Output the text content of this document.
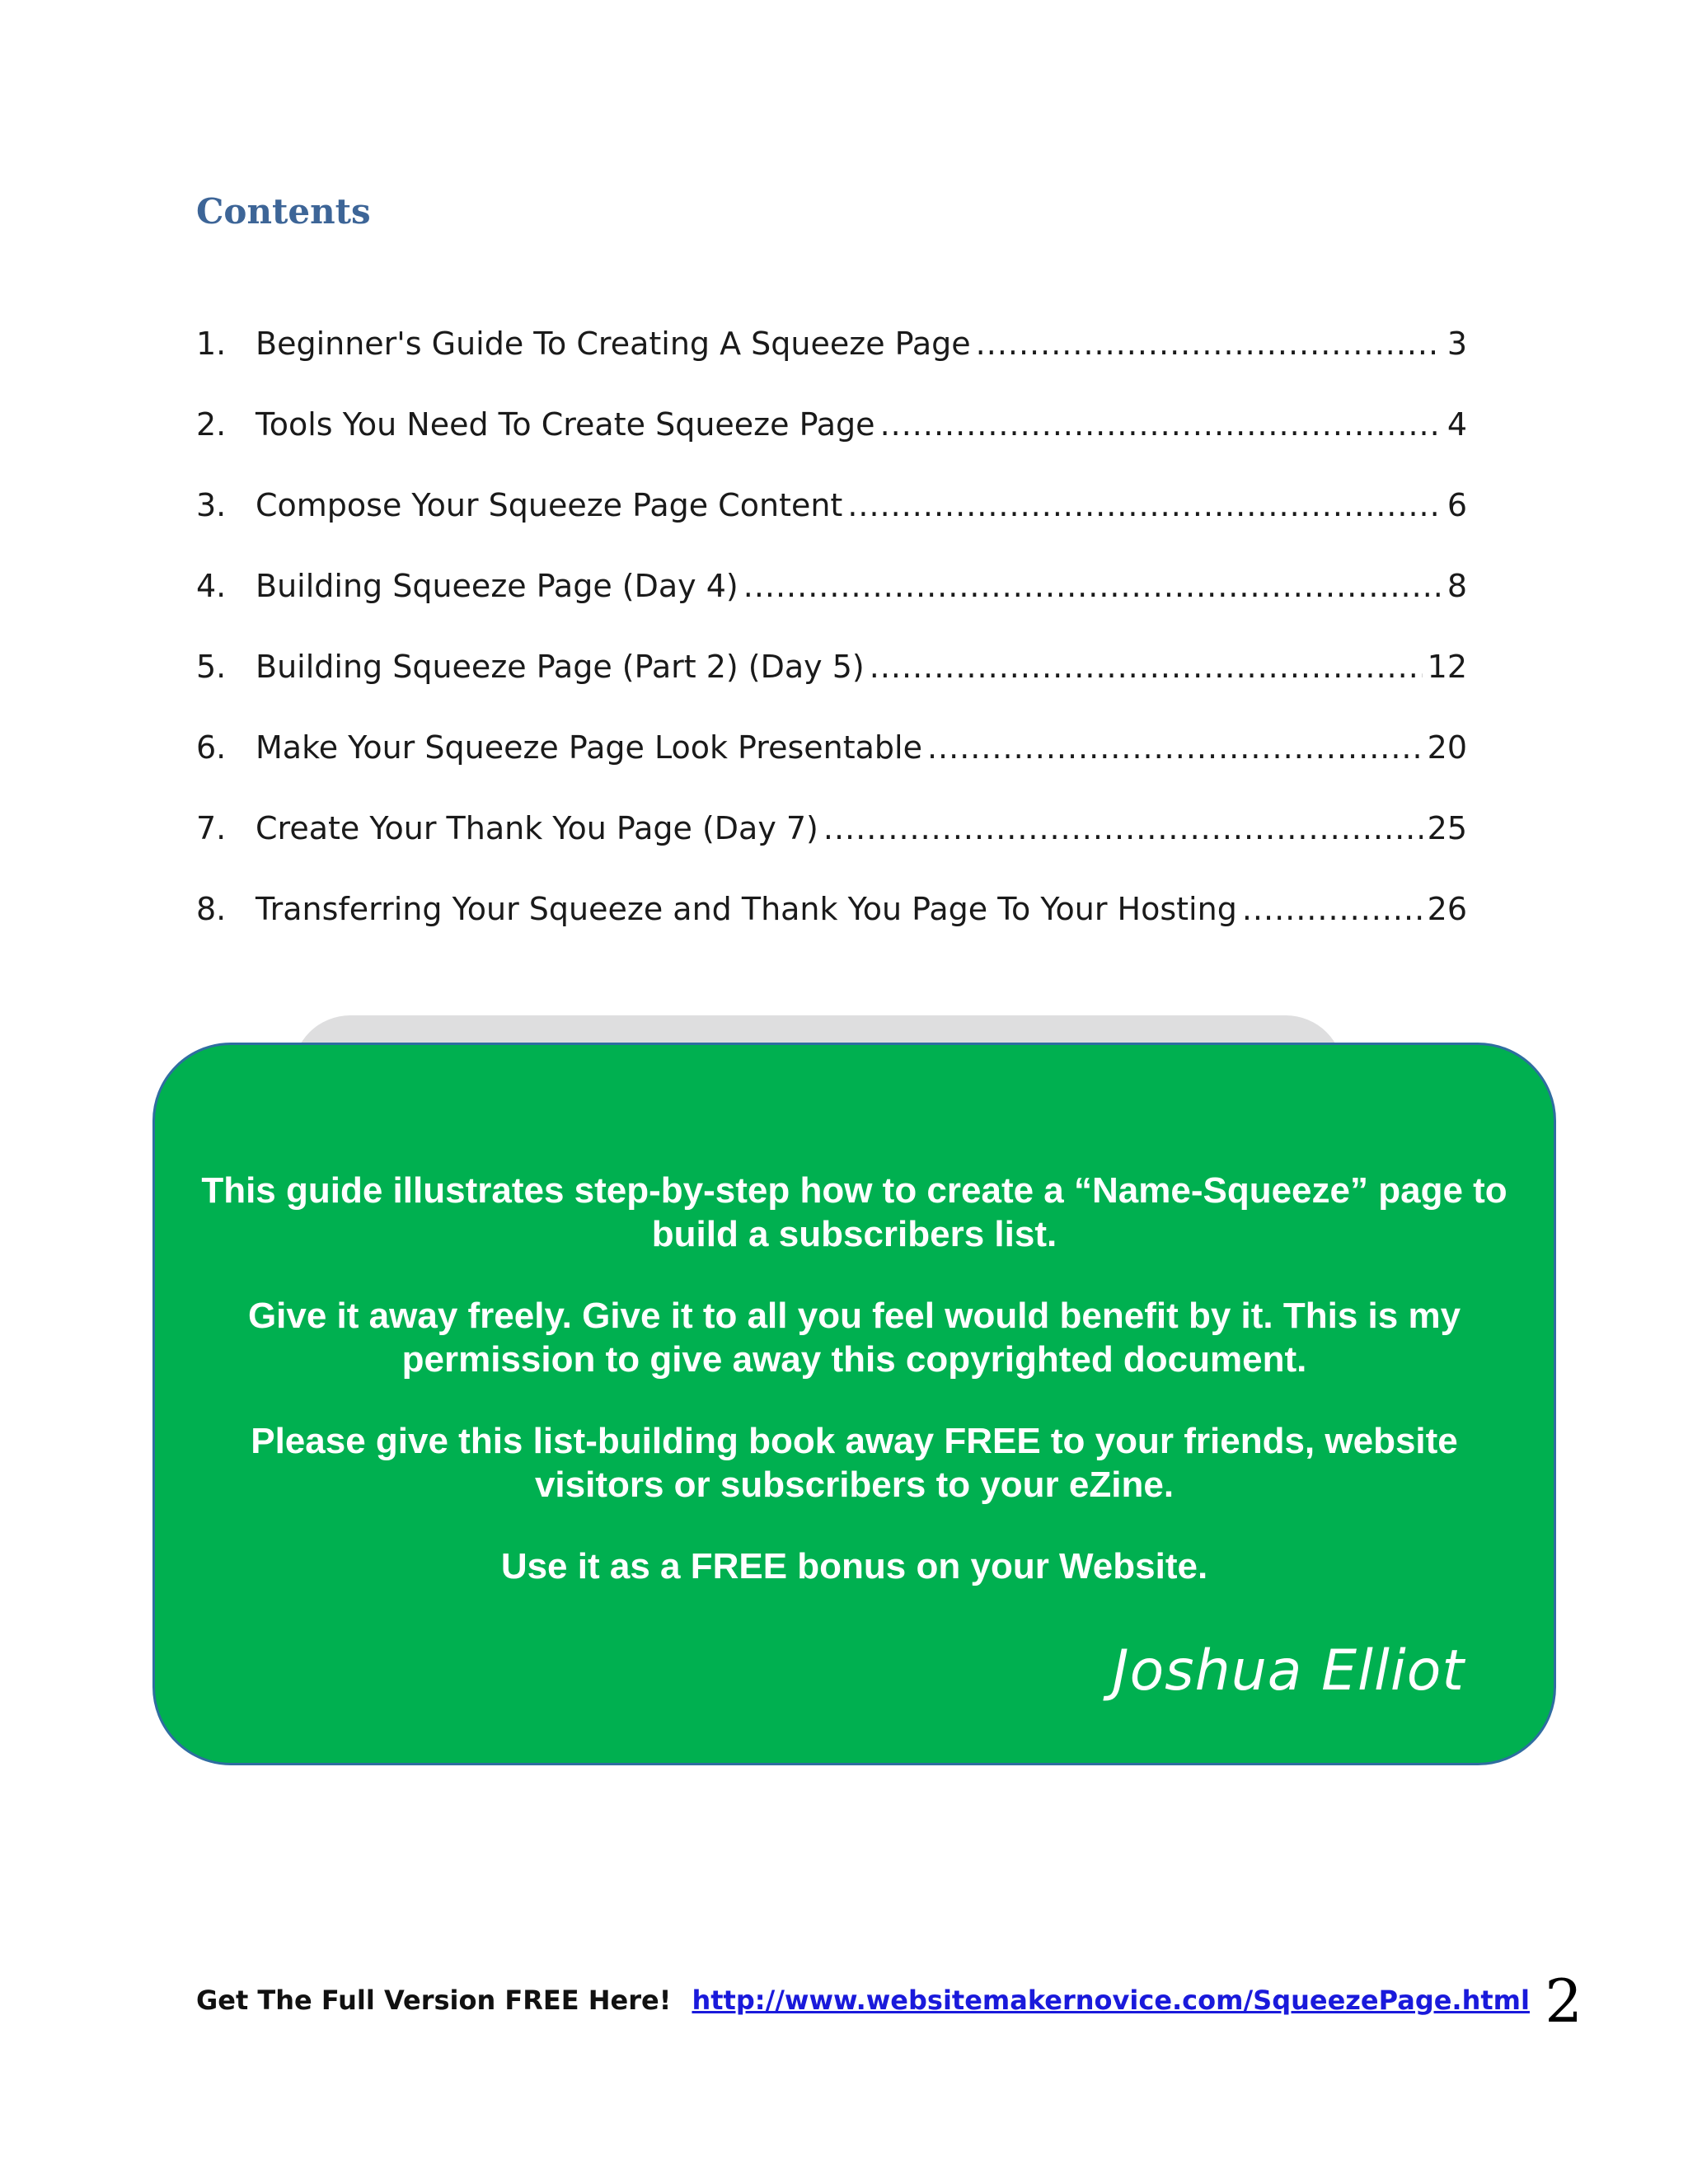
Contents
1. Beginner's Guide To Creating A Squeeze Page .....	3
2. Tools You Need To Create Squeeze Page .....	4
3. Compose Your Squeeze Page Content .....	6
4. Building Squeeze Page (Day 4) .....	8
5. Building Squeeze Page (Part 2) (Day 5) .....	12
6. Make Your Squeeze Page Look Presentable .....	20
7. Create Your Thank You Page (Day 7) .....	25
8. Transferring Your Squeeze and Thank You Page To Your Hosting .....	26

This guide illustrates step-by-step how to create a “Name-Squeeze” page to build a subscribers list.

Give it away freely. Give it to all you feel would benefit by it. This is my permission to give away this copyrighted document.

Please give this list-building book away FREE to your friends, website visitors or subscribers to your eZine.

Use it as a FREE bonus on your Website.

Joshua Elliot
Get The Full Version FREE Here! http://www.websitemakernovice.com/SqueezePage.html 2
